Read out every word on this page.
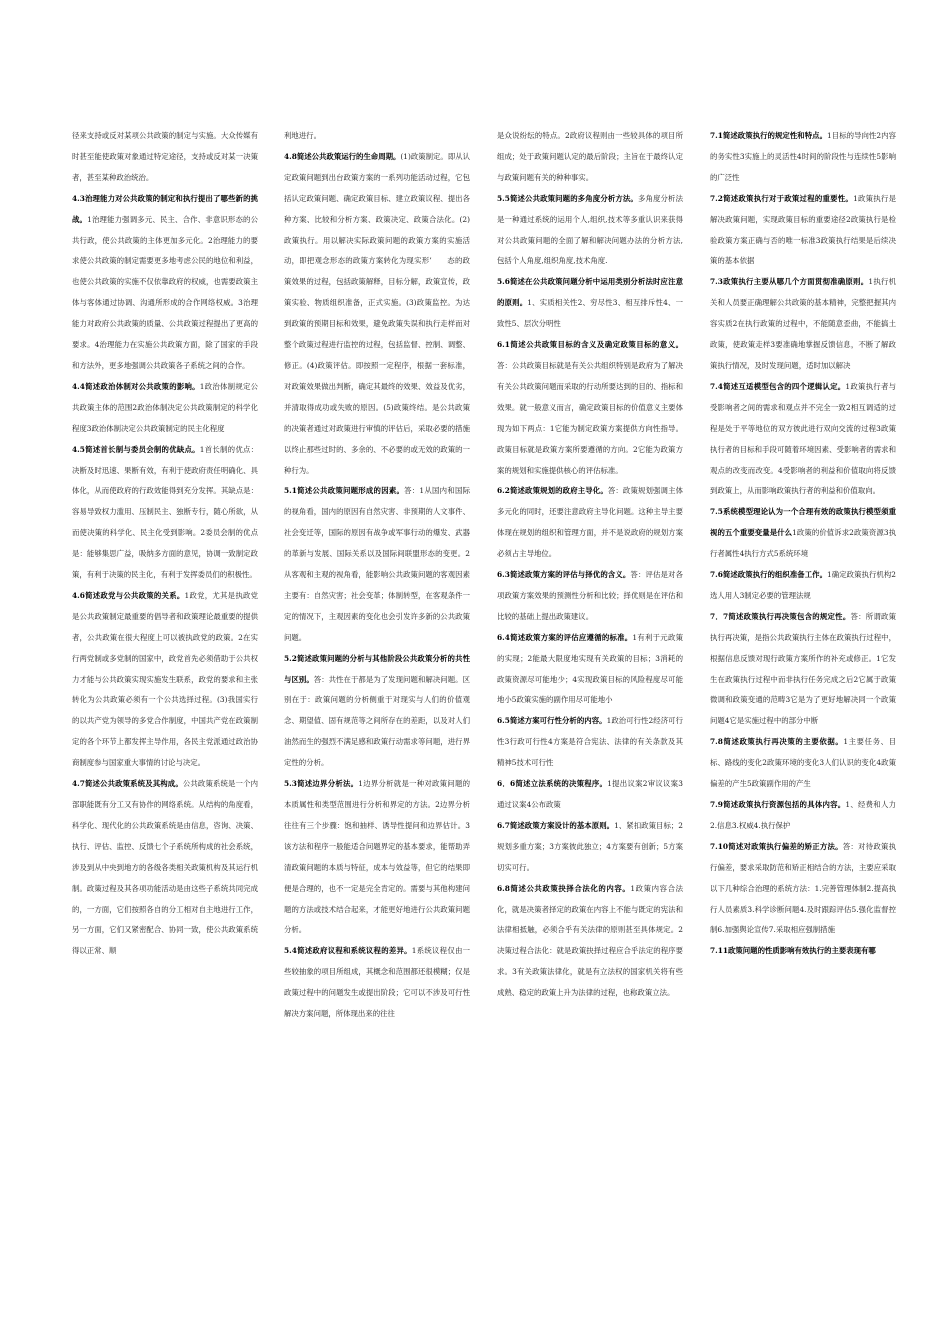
径来支持或反对某项公共政策的制定与实施。大众传媒有时甚至能使政策对象通过特定途径，支持或反对某一决策者，甚至某种政治统治。

4.3治理能力对公共政策的制定和执行提出了哪些新的挑战。1治理能力强调多元、民主、合作、非意识形态的公共行政，使公共政策的主体更加多元化。2治理能力的要求使公共政策的制定需要更多地考虑公民的地位和利益，也使公共政策的实施不仅依靠政府的权威，也需要政策主体与客体通过协调、沟通所形成的合作网络权威。3治理能力对政府公共政策的质量、公共政策过程提出了更高的要求。4治理能力在实施公共政策方面，除了国家的手段和方法外，更多地强调公共政策各子系统之间的合作。

4.4简述政治体制对公共政策的影响。1政治体制规定公共政策主体的范围2政治体制决定公共政策制定的科学化程度3政治体制决定公共政策制定的民主化程度

4.5简述首长制与委员会制的优缺点。1首长制的优点：决断及时迅速、果断有效，有利于使政府责任明确化、具体化，从而使政府的行政效能得到充分发挥。其缺点是：容易导致权力滥用、压制民主、独断专行，随心所欲，从而使决策的科学化、民主化受到影响。2委员会制的优点是：能够集思广益，吸纳多方面的意见，协调一致制定政策，有利于决策的民主化，有利于发挥委员们的积极性。

4.6简述政党与公共政策的关系。1政党，尤其是执政党是公共政策制定最重要的倡导者和政策理论最重要的提供者，公共政策在很大程度上可以被执政党的政策。2在实行两党制或多党制的国家中，政党首先必须借助于公共权力才能与公共政策实现实施发生联系，政党的要求和主张转化为公共政策必须有一个公共选择过程。(3)我国实行的以共产党为领导的多党合作制度，中国共产党在政策制定的各个环节上都发挥主导作用，各民主党派通过政治协商制度参与国家重大事情的讨论与决定。

4.7简述公共政策系统及其构成。公共政策系统是一个内部职能既有分工又有协作的网络系统。从结构的角度看，科学化、现代化的公共政策系统是由信息，咨询、决策、执行、评估、监控、反馈七个子系统所构成的社会系统，涉及到从中央到地方的各级各类相关政策机构及其运行机制。政策过程及其各项功能活动是由这些子系统共同完成的，一方面，它们按照各自的分工相对自主地进行工作，另一方面，它们又紧密配合、协同一致，使公共政策系统得以正常、顺

利地进行。

4.8简述公共政策运行的生命周期。(1)政策制定。即从认定政策问题到出台政策方案的一系列功能活动过程，它包括认定政策问题、确定政策目标、建立政策议程、提出各种方案、比较和分析方案、政策决定、政策合法化。(2)政策执行。用以解决实际政策问题的政策方案的实施活动，即把观念形态的政策方案转化为现实形’　　态的政策效果的过程，包括政策解释，目标分解，政策宣传，政策实验、物质组织准备，正式实施。(3)政策监控。为达到政策的预期目标和效果，避免政策失误和执行走样而对整个政策过程进行监控的过程，包括监督、控制、调整、修正。(4)政策评估。即按照一定程序，根据一套标准，对政策效果做出判断，确定其最终的效果、效益及优劣，并清取得成功或失败的原因。(5)政策终结。是公共政策的决策者通过对政策进行审慎的评估后，采取必要的措施以终止那些过时的、多余的、不必要的或无效的政策的一种行为。

5.1简述公共政策问题形成的因素。答：1从国内和国际的视角看，国内的原因有自然灾害、非预期的人文事件、社会变迁等，国际的原因有战争或军事行动的爆发、武器的革新与发展、国际关系以及国际间联盟形态的变更。2从客观和主观的视角看，能影响公共政策问题的客观因素主要有：自然灾害；社会变革；体制转型，在客观条件一定的情况下，主观因素的变化也会引发许多新的公共政策问题。

5.2简述政策问题的分析与其他阶段公共政策分析的共性与区别。答：共性在于都是为了发现问题和解决问题。区别在于：政策问题的分析侧重于对现实与人们的价值观念、期望值、固有规范等之间所存在的差距，以及对人们油然而生的强烈不满足感和政策行动需求等问题，进行界定性的分析。

5.3简述边界分析法。1边界分析就是一种对政策问题的本质属性和类型范围进行分析和界定的方法。2边界分析往往有三个步骤：饱和抽样、诱导性提问和边界估计。3该方法和程序一般能适合问题界定的基本要求，能帮助弄清政策问题的本质与特征，成本与效益等，但它的结果即便是合理的，也不一定是完全肯定的。需要与其他构建问题的方法或技术结合起来，才能更好地进行公共政策问题分析。

5.4简述政府议程和系统议程的差异。1系统议程仅由一些较抽象的项目所组成，其概念和范围都还很模糊；仅是政策过程中的问题发生或提出阶段；它可以不涉及可行性解决方案问题，所体现出来的往往

是众说纷纭的特点。2政府议程则由一些较具体的项目所组成；处于政策问题认定的最后阶段；主旨在于最终认定与政策问题有关的种种事实。

5.5简述公共政策问题的多角度分析方法。多角度分析法是一种通过系统的运用个人,组织,技术等多重认识来获得对公共政策问题的全面了解和解决问题办法的分析方法,包括个人角度,组织角度,技术角度.

5.6简述在公共政策问题分析中运用类别分析法时应注意的原则。1、实质相关性2、穷尽性3、相互排斥性4、一致性5、层次分明性

6.1简述公共政策目标的含义及确定政策目标的意义。答：公共政策目标就是有关公共组织特别是政府为了解决有关公共政策问题而采取的行动所要达到的目的、指标和效果。就一般意义而言，确定政策目标的价值意义主要体现为如下两点：1它能为制定政策方案提供方向性指导。政策目标就是政策方案所要遵循的方向。2它能为政策方案的规划和实施提供核心的评估标准。

6.2简述政策规划的政府主导化。答：政策规划强调主体多元化的同时，还要注意政府主导化问题。这种主导主要体现在规划的组织和管理方面，并不是说政府的规划方案必须占主导地位。

6.3简述政策方案的评估与择优的含义。答：评估是对各项政策方案效果的预测性分析和比较；择优则是在评估和比较的基础上提出政策建议。

6.4简述政策方案的评估应遵循的标准。1有利于元政策的实现；2能最大限度地实现有关政策的目标；3消耗的政策资源尽可能地少；4实现政策目标的风险程度尽可能地小5政策实施的副作用尽可能地小

6.5简述方案可行性分析的内容。1政治可行性2经济可行性3行政可行性4方案是符合宪法、法律的有关条款及其精神5技术可行性

6．6简述立法系统的决策程序。1提出议案2审议议案3通过议案4公布政策

6.7简述政策方案设计的基本原则。1、紧扣政策目标；2规划多重方案；3方案彼此独立；4方案要有创新；5方案切实可行。

6.8简述公共政策抉择合法化的内容。1政策内容合法化，就是决策者择定的政策在内容上不能与既定的宪法和法律相抵触，必须合乎有关法律的原则甚至具体规定。2决策过程合法化：就是政策抉择过程应合乎法定的程序要求。3有关政策法律化，就是有立法权的国家机关将有些成熟、稳定的政策上升为法律的过程，也称政策立法。

7.1简述政策执行的规定性和特点。1目标的导向性2内容的务实性3实施上的灵活性4时间的阶段性与连续性5影响的广泛性

7.2简述政策执行对于政策过程的重要性。1政策执行是解决政策问题，实现政策目标的重要途径2政策执行是检验政策方案正确与否的唯一标准3政策执行结果是后续决策的基本依据

7.3政策执行主要从哪几个方面贯彻准确原则。1执行机关和人员要正确理解公共政策的基本精神，完整把握其内容实质2在执行政策的过程中，不能随意歪曲，不能搞土政策，使政策走样3要准确地掌握反馈信息，不断了解政策执行情况，及时发现问题，适时加以解决

7.4简述互适模型包含的四个逻辑认定。1政策执行者与受影响者之间的需求和观点并不完全一致2相互调适的过程是处于平等地位的双方彼此进行双向交流的过程3政策执行者的目标和手段可随着环境因素、受影响者的需求和观点的改变而改变。4受影响者的利益和价值取向将反馈到政策上，从而影响政策执行者的利益和价值取向。

7.5系统模型理论认为一个合理有效的政策执行模型须重视的五个重要变量是什么1政策的价值诉求2政策资源3执行者属性4执行方式5系统环境

7.6简述政策执行的组织准备工作。1确定政策执行机构2选人用人3制定必要的管理法规

7．7简述政策执行再决策包含的规定性。答：所谓政策执行再决策，是指公共政策执行主体在政策执行过程中，根据信息反馈对现行政策方案所作的补充或修正。1它发生在政策执行过程中而非执行任务完成之后2它属于政策微调和政策变通的范畴3它是为了更好地解决同一个政策问题4它是实施过程中的部分中断

7.8简述政策执行再决策的主要依据。1主要任务、目标、路线的变化2政策环境的变化3人们认识的变化4政策偏差的产生5政策副作用的产生

7.9简述政策执行资源包括的具体内容。1、经费和人力2.信息3.权威4.执行保护

7.10简述对政策执行偏差的矫正方法。答：对待政策执行偏差，要求采取防范和矫正相结合的方法，主要应采取以下几种综合治理的系统方法：1.完善管理体制2.提高执行人员素质3.科学诊断问题4.及时跟踪评估5.强化监督控制6.加强舆论宣传7.采取相应强制措施

7.11政策问题的性质影响有效执行的主要表现有哪
